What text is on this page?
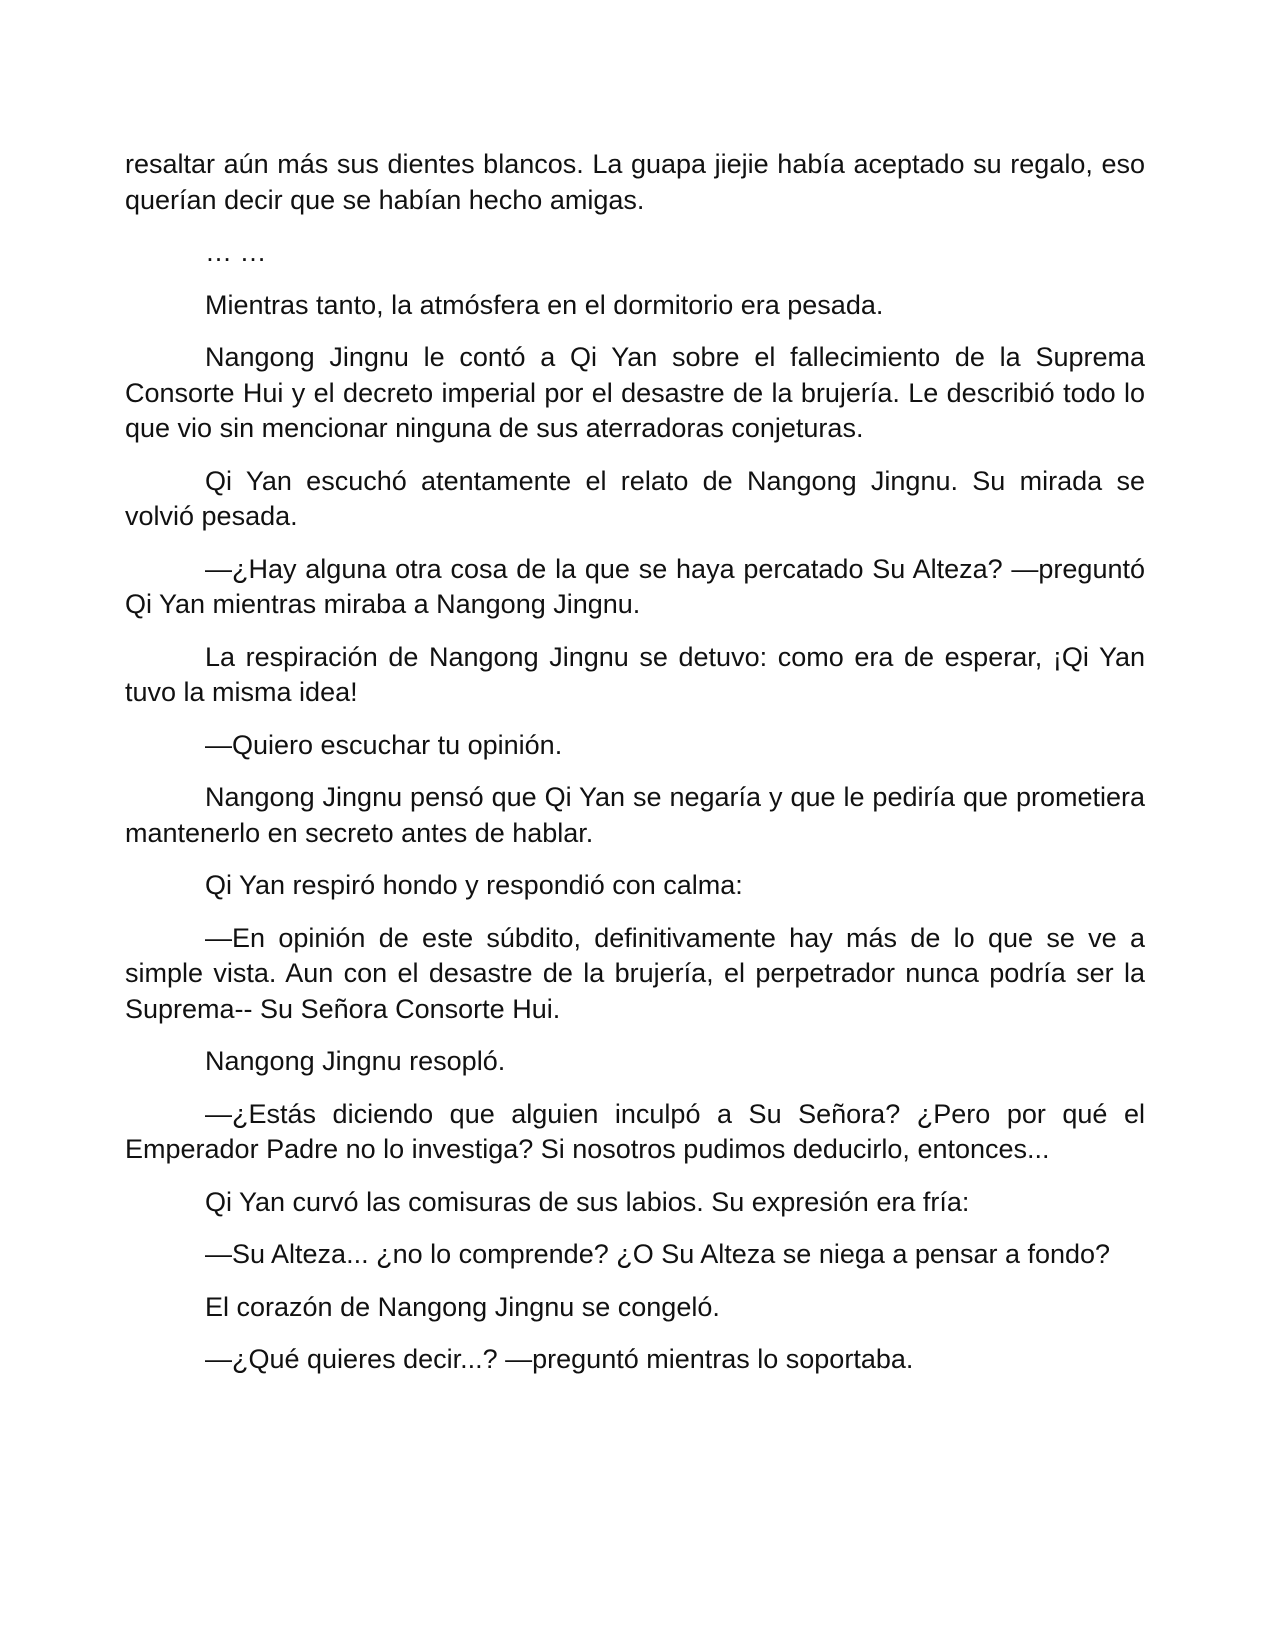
resaltar aún más sus dientes blancos. La guapa jiejie había aceptado su regalo, eso querían decir que se habían hecho amigas.

… …

Mientras tanto, la atmósfera en el dormitorio era pesada.

Nangong Jingnu le contó a Qi Yan sobre el fallecimiento de la Suprema Consorte Hui y el decreto imperial por el desastre de la brujería. Le describió todo lo que vio sin mencionar ninguna de sus aterradoras conjeturas.

Qi Yan escuchó atentamente el relato de Nangong Jingnu. Su mirada se volvió pesada.

—¿Hay alguna otra cosa de la que se haya percatado Su Alteza? —preguntó Qi Yan mientras miraba a Nangong Jingnu.

La respiración de Nangong Jingnu se detuvo: como era de esperar, ¡Qi Yan tuvo la misma idea!

—Quiero escuchar tu opinión.

Nangong Jingnu pensó que Qi Yan se negaría y que le pediría que prometiera mantenerlo en secreto antes de hablar.

Qi Yan respiró hondo y respondió con calma:

—En opinión de este súbdito, definitivamente hay más de lo que se ve a simple vista. Aun con el desastre de la brujería, el perpetrador nunca podría ser la Suprema-- Su Señora Consorte Hui.

Nangong Jingnu resopló.

—¿Estás diciendo que alguien inculpó a Su Señora? ¿Pero por qué el Emperador Padre no lo investiga? Si nosotros pudimos deducirlo, entonces...

Qi Yan curvó las comisuras de sus labios. Su expresión era fría:

—Su Alteza... ¿no lo comprende? ¿O Su Alteza se niega a pensar a fondo?

El corazón de Nangong Jingnu se congeló.

—¿Qué quieres decir...? —preguntó mientras lo soportaba.
